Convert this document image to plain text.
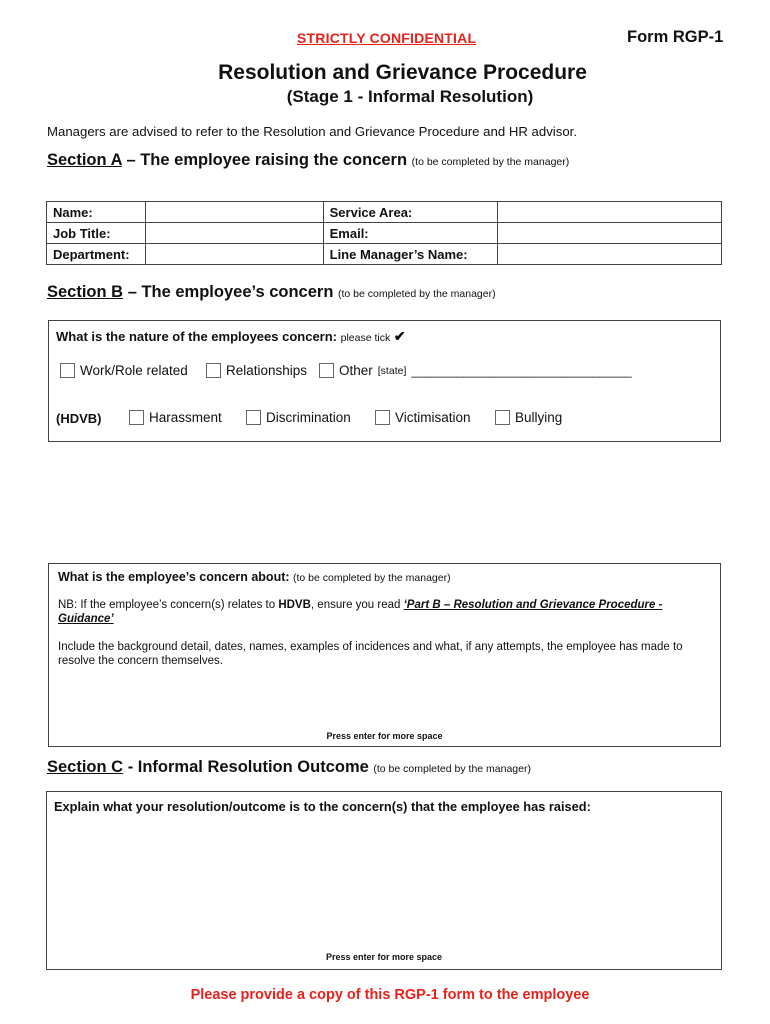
STRICTLY CONFIDENTIAL	Form RGP-1
Resolution and Grievance Procedure
(Stage 1 - Informal Resolution)
Managers are advised to refer to the Resolution and Grievance Procedure and HR advisor.
Section A – The employee raising the concern (to be completed by the manager)
Name:		Service Area:	
Job Title:		Email:	
Department:		Line Manager’s Name:	
Section B – The employee’s concern (to be completed by the manager)
What is the nature of the employees concern: please tick ✔
Work/Role related	Relationships Other [state] __________________________________
(HDVB)	Harassment	Discrimination	Victimisation	Bullying
What is the employee’s concern about: (to be completed by the manager)
NB: If the employee’s concern(s) relates to HDVB, ensure you read ‘Part B – Resolution and Grievance Procedure - Guidance’
Include the background detail, dates, names, examples of incidences and what, if any attempts, the employee has made to resolve the concern themselves.
Press enter for more space
Section C - Informal Resolution Outcome (to be completed by the manager)
Explain what your resolution/outcome is to the concern(s) that the employee has raised:
Press enter for more space
Please provide a copy of this RGP-1 form to the employee
